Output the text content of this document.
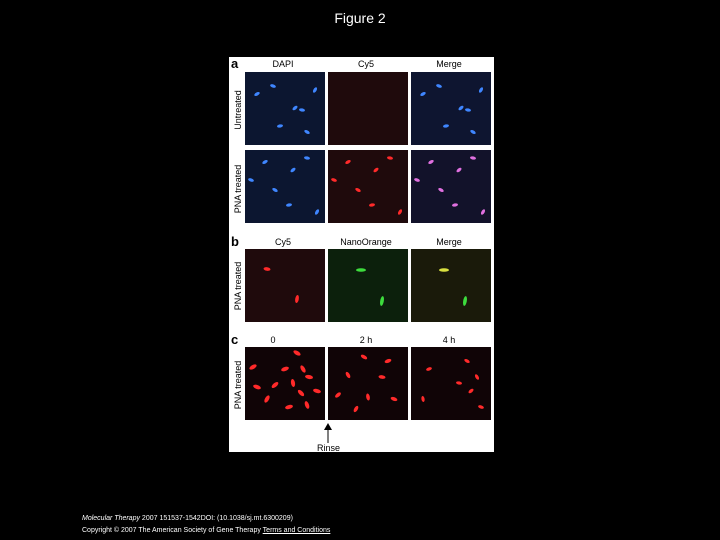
Figure 2
a	DAPI	Cy5	Merge
Untreated
PNA treated
b	Cy5	NanoOrange	Merge
PNA treated
c	0	2 h	4 h
PNA treated
Rinse
Molecular Therapy 2007 151537-1542DOI: (10.1038/sj.mt.6300209)
Copyright © 2007 The American Society of Gene Therapy Terms and Conditions
